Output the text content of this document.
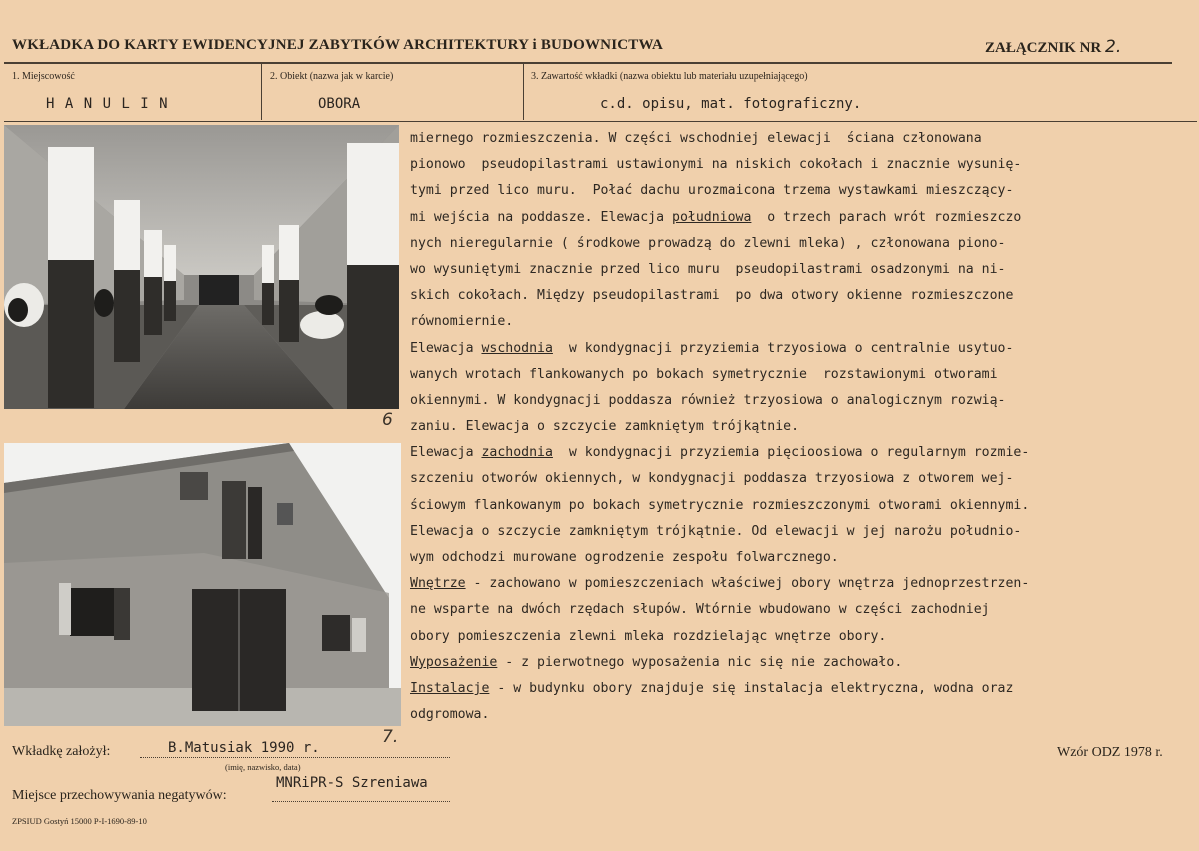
WKŁADKA DO KARTY EWIDENCYJNEJ ZABYTKÓW ARCHITEKTURY i BUDOWNICTWA	ZAŁĄCZNIK NR 2.
1. Miejscowość
H A N U L I N
2. Obiekt (nazwa jak w karcie)
OBORA
3. Zawartość wkładki (nazwa obiektu lub materiału uzupełniającego)
c.d. opisu, mat. fotograficzny.
6
7.
miernego rozmieszczenia. W części wschodniej elewacji  ściana członowana
pionowo  pseudopilastrami ustawionymi na niskich cokołach i znacznie wysunię-
tymi przed lico muru.  Połać dachu urozmaicona trzema wystawkami mieszczący-
mi wejścia na poddasze. Elewacja południowa  o trzech parach wrót rozmieszczo
nych nieregularnie ( środkowe prowadzą do zlewni mleka) , członowana piono-
wo wysuniętymi znacznie przed lico muru  pseudopilastrami osadzonymi na ni-
skich cokołach. Między pseudopilastrami  po dwa otwory okienne rozmieszczone
równomiernie.
Elewacja wschodnia  w kondygnacji przyziemia trzyosiowa o centralnie usytuo-
wanych wrotach flankowanych po bokach symetrycznie  rozstawionymi otworami
okiennymi. W kondygnacji poddasza również trzyosiowa o analogicznym rozwią-
zaniu. Elewacja o szczycie zamkniętym trójkątnie.
Elewacja zachodnia  w kondygnacji przyziemia pięcioosiowa o regularnym rozmie-
szczeniu otworów okiennych, w kondygnacji poddasza trzyosiowa z otworem wej-
ściowym flankowanym po bokach symetrycznie rozmieszczonymi otworami okiennymi.
Elewacja o szczycie zamkniętym trójkątnie. Od elewacji w jej narożu południo-
wym odchodzi murowane ogrodzenie zespołu folwarcznego.
Wnętrze - zachowano w pomieszczeniach właściwej obory wnętrza jednoprzestrzen-
ne wsparte na dwóch rzędach słupów. Wtórnie wbudowano w części zachodniej
obory pomieszczenia zlewni mleka rozdzielając wnętrze obory.
Wyposażenie - z pierwotnego wyposażenia nic się nie zachowało.
Instalacje - w budynku obory znajduje się instalacja elektryczna, wodna oraz
odgromowa.
Wkładkę założył:	B.Matusiak 1990 r.
(imię, nazwisko, data)
Miejsce przechowywania negatywów:
MNRiPR-S Szreniawa
ZPSIUD Gostyń 15000 P-I-1690-89-10
Wzór ODZ 1978 r.
